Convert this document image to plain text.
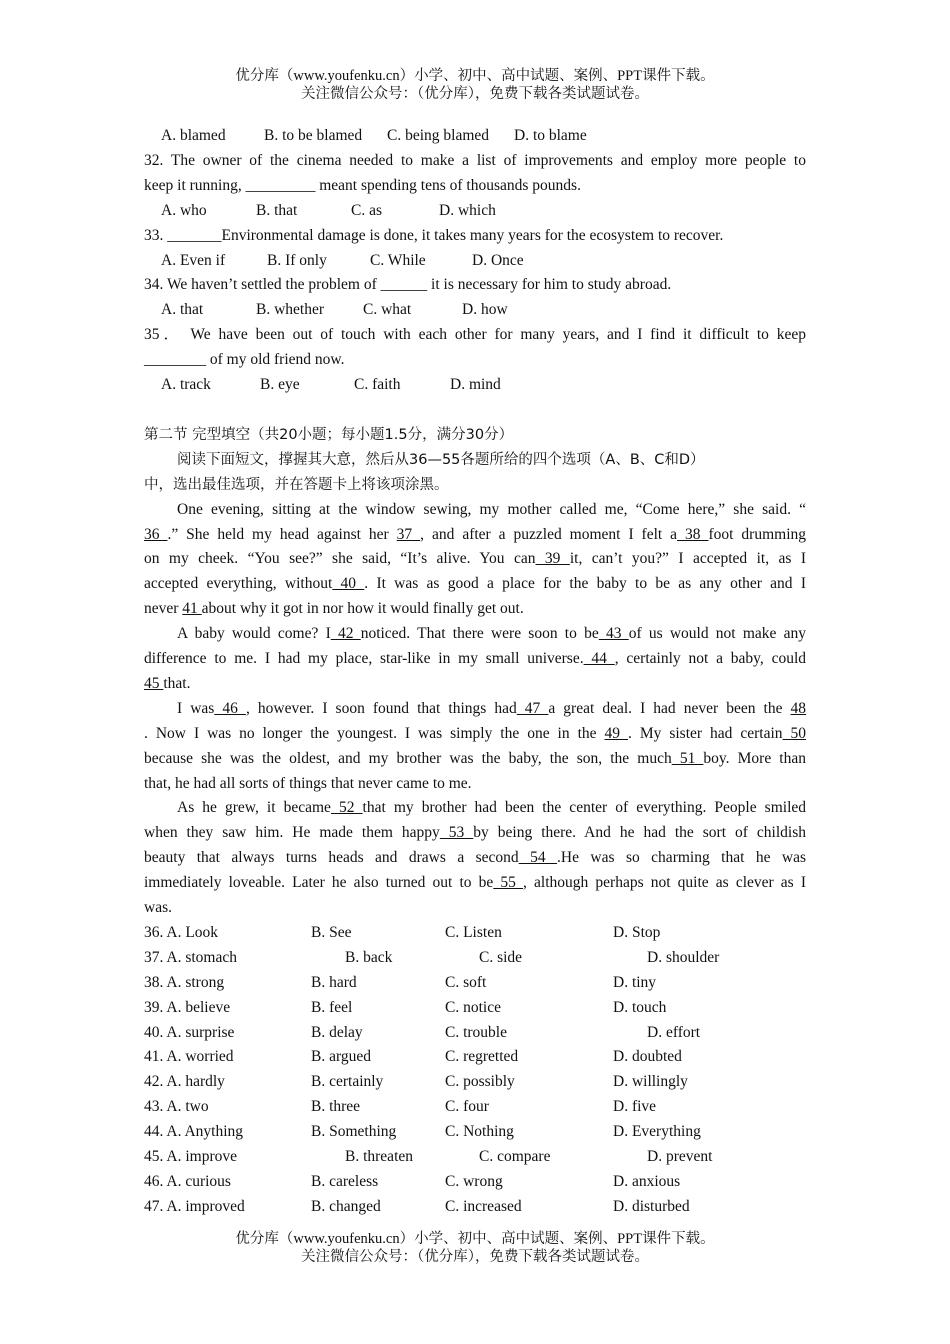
优分库（www.youfenku.cn）小学、初中、高中试题、案例、PPT课件下载。
关注微信公众号：（优分库），免费下载各类试题试卷。
A. blamed B. to be blamed C. being blamed D. to blame
32. The owner of the cinema needed to make a list of improvements and employ more people to
keep it running, _________ meant spending tens of thousands pounds.
A. who	B. that	C. as	D. which
33. _______Environmental damage is done, it takes many years for the ecosystem to recover.
A. Even if	B. If only	C. While	D. Once
34. We haven’t settled the problem of ______ it is necessary for him to study abroad.
A. that	B. whether	C. what	D. how
35． We have been out of touch with each other for many years, and I find it difficult to keep
________ of my old friend now.
A. track	B. eye	C. faith	D. mind
第二节 完型填空（共20小题；每小题1.5分，满分30分）
阅读下面短文，撑握其大意，然后从36—55各题所给的四个选项（A、B、C和D）
中，选出最佳选项，并在答题卡上将该项涂黑。
One evening, sitting at the window sewing, my mother called me, “Come here,” she said. “
36 .” She held my head against her 37 , and after a puzzled moment I felt a 38 foot drumming
on my cheek. “You see?” she said, “It’s alive. You can 39 it, can’t you?” I accepted it, as I
accepted everything, without 40 . It was as good a place for the baby to be as any other and I
never 41 about why it got in nor how it would finally get out.
A baby would come? I 42 noticed. That there were soon to be 43 of us would not make any
difference to me. I had my place, star-like in my small universe. 44 , certainly not a baby, could
45 that.
I was 46 , however. I soon found that things had 47 a great deal. I had never been the 48
. Now I was no longer the youngest. I was simply the one in the 49 . My sister had certain 50
because she was the oldest, and my brother was the baby, the son, the much 51 boy. More than
that, he had all sorts of things that never came to me.
As he grew, it became 52 that my brother had been the center of everything. People smiled
when they saw him. He made them happy 53 by being there. And he had the sort of childish
beauty that always turns heads and draws a second 54 .He was so charming that he was
immediately loveable. Later he also turned out to be 55 , although perhaps not quite as clever as I
was.
36. A. Look	B. See	C. Listen	D. Stop
37. A. stomach	B. back	C. side	D. shoulder
38. A. strong	B. hard	C. soft	D. tiny
39. A. believe	B. feel	C. notice	D. touch
40. A. surprise	B. delay	C. trouble	D. effort
41. A. worried	B. argued	C. regretted	D. doubted
42. A. hardly	B. certainly	C. possibly	D. willingly
43. A. two	B. three	C. four	D. five
44. A. Anything	B. Something	C. Nothing	D. Everything
45. A. improve	B. threaten	C. compare	D. prevent
46. A. curious	B. careless	C. wrong	D. anxious
47. A. improved	B. changed	C. increased	D. disturbed
优分库（www.youfenku.cn）小学、初中、高中试题、案例、PPT课件下载。
关注微信公众号：（优分库），免费下载各类试题试卷。
